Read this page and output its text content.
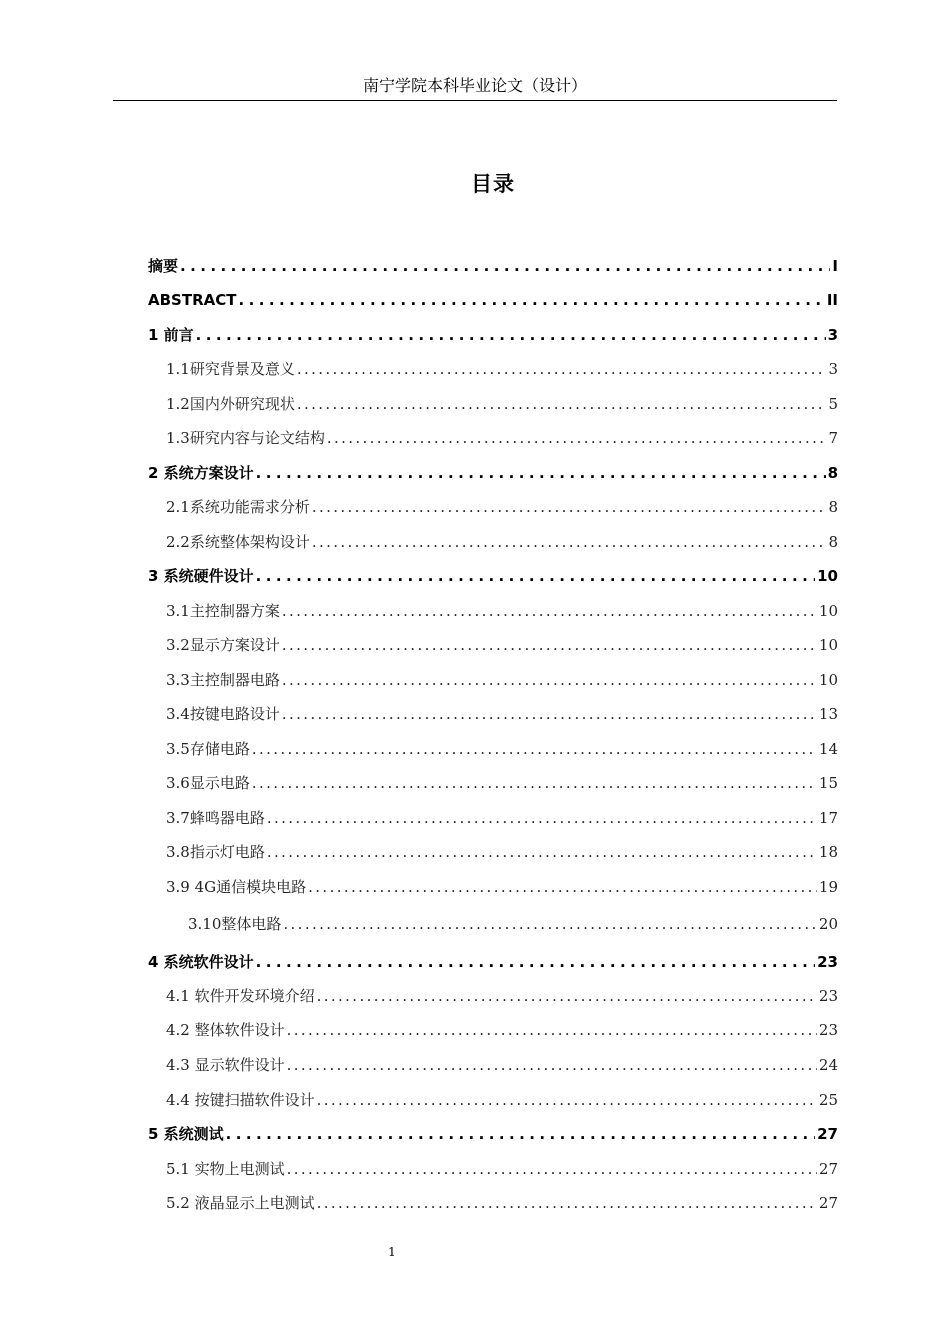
南宁学院本科毕业论文（设计）
目录
摘要 . . .	I
ABSTRACT . . .	II
1 前言 . . .	3
1.1研究背景及意义 . . .	3
1.2国内外研究现状 . . .	5
1.3研究内容与论文结构 . . .	7
2 系统方案设计 . . .	8
2.1系统功能需求分析 . . .	8
2.2系统整体架构设计 . . .	8
3 系统硬件设计 . . .	10
3.1主控制器方案 . . .	10
3.2显示方案设计 . . .	10
3.3主控制器电路 . . .	10
3.4按键电路设计 . . .	13
3.5存储电路 . . .	14
3.6显示电路 . . .	15
3.7蜂鸣器电路 . . .	17
3.8指示灯电路 . . .	18
3.9 4G通信模块电路 . . .	19
3.10整体电路 . . .	20
4 系统软件设计 . . .	23
4.1 软件开发环境介绍 . . .	23
4.2 整体软件设计 . . .	23
4.3 显示软件设计 . . .	24
4.4 按键扫描软件设计 . . .	25
5 系统测试 . . .	27
5.1 实物上电测试 . . .	27
5.2 液晶显示上电测试 . . .	27
1
